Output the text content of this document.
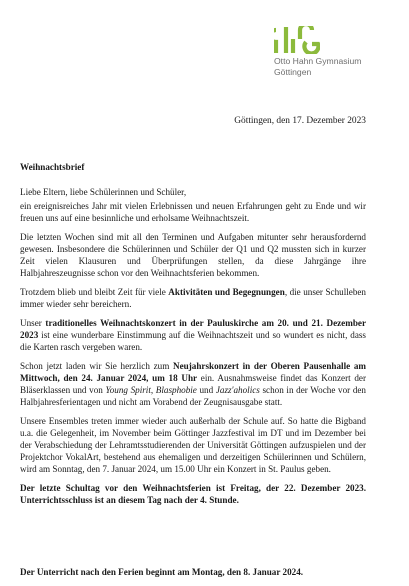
Otto Hahn Gymnasium
Göttingen
Göttingen, den 17. Dezember 2023

Weihnachtsbrief

Liebe Eltern, liebe Schülerinnen und Schüler,

ein ereignisreiches Jahr mit vielen Erlebnissen und neuen Erfahrungen geht zu Ende und wir freuen uns auf eine besinnliche und erholsame Weihnachtszeit.

Die letzten Wochen sind mit all den Terminen und Aufgaben mitunter sehr herausfordernd gewesen. Insbesondere die Schülerinnen und Schüler der Q1 und Q2 mussten sich in kurzer Zeit vielen Klausuren und Überprüfungen stellen, da diese Jahrgänge ihre Halbjahreszeugnisse schon vor den Weihnachtsferien bekommen.

Trotzdem blieb und bleibt Zeit für viele Aktivitäten und Begegnungen, die unser Schulleben immer wieder sehr bereichern.

Unser traditionelles Weihnachtskonzert in der Pauluskirche am 20. und 21. Dezember 2023 ist eine wunderbare Einstimmung auf die Weihnachtszeit und so wundert es nicht, dass die Karten rasch vergeben waren.

Schon jetzt laden wir Sie herzlich zum Neujahrskonzert in der Oberen Pausenhalle am Mittwoch, den 24. Januar 2024, um 18 Uhr ein. Ausnahmsweise findet das Konzert der Bläserklassen und von Young Spirit, Blasphobie und Jazz'aholics schon in der Woche vor den Halbjahresferientagen und nicht am Vorabend der Zeugnisausgabe statt.

Unsere Ensembles treten immer wieder auch außerhalb der Schule auf. So hatte die Bigband u.a. die Gelegenheit, im November beim Göttinger Jazzfestival im DT und im Dezember bei der Verabschiedung der Lehramtsstudierenden der Universität Göttingen aufzuspielen und der Projektchor VokalArt, bestehend aus ehemaligen und derzeitigen Schülerinnen und Schülern, wird am Sonntag, den 7. Januar 2024, um 15.00 Uhr ein Konzert in St. Paulus geben.

Der letzte Schultag vor den Weihnachtsferien ist Freitag, der 22. Dezember 2023. Unterrichtsschluss ist an diesem Tag nach der 4. Stunde.

Der Unterricht nach den Ferien beginnt am Montag, den 8. Januar 2024.
